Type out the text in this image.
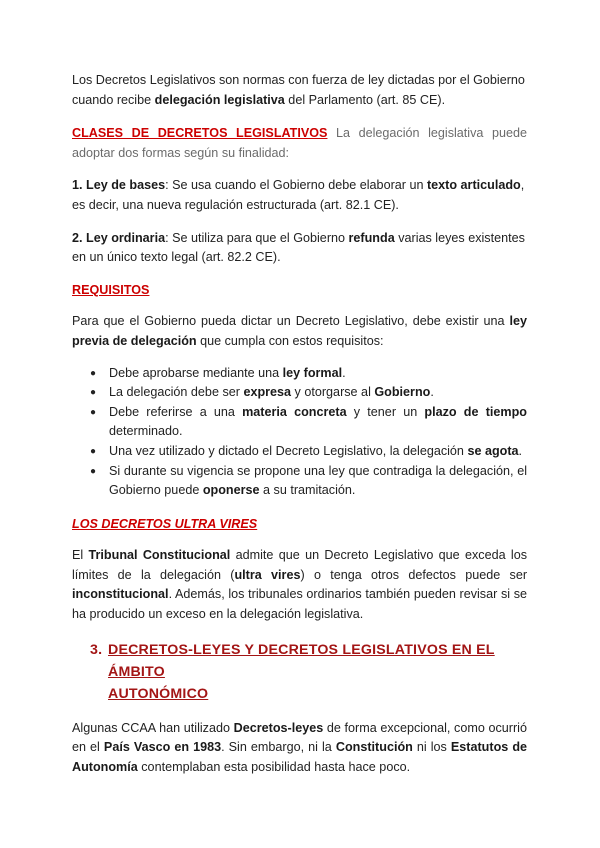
Los Decretos Legislativos son normas con fuerza de ley dictadas por el Gobierno cuando recibe delegación legislativa del Parlamento (art. 85 CE).

CLASES DE DECRETOS LEGISLATIVOS La delegación legislativa puede adoptar dos formas según su finalidad:

1. Ley de bases: Se usa cuando el Gobierno debe elaborar un texto articulado, es decir, una nueva regulación estructurada (art. 82.1 CE).

2. Ley ordinaria: Se utiliza para que el Gobierno refunda varias leyes existentes en un único texto legal (art. 82.2 CE).

REQUISITOS

Para que el Gobierno pueda dictar un Decreto Legislativo, debe existir una ley previa de delegación que cumpla con estos requisitos:

● Debe aprobarse mediante una ley formal.
● La delegación debe ser expresa y otorgarse al Gobierno.
● Debe referirse a una materia concreta y tener un plazo de tiempo determinado.
● Una vez utilizado y dictado el Decreto Legislativo, la delegación se agota.
● Si durante su vigencia se propone una ley que contradiga la delegación, el Gobierno puede oponerse a su tramitación.

LOS DECRETOS ULTRA VIRES

El Tribunal Constitucional admite que un Decreto Legislativo que exceda los límites de la delegación (ultra vires) o tenga otros defectos puede ser inconstitucional. Además, los tribunales ordinarios también pueden revisar si se ha producido un exceso en la delegación legislativa.

3. DECRETOS-LEYES Y DECRETOS LEGISLATIVOS EN EL ÁMBITO
AUTONÓMICO

Algunas CCAA han utilizado Decretos-leyes de forma excepcional, como ocurrió en el País Vasco en 1983. Sin embargo, ni la Constitución ni los Estatutos de Autonomía contemplaban esta posibilidad hasta hace poco.
